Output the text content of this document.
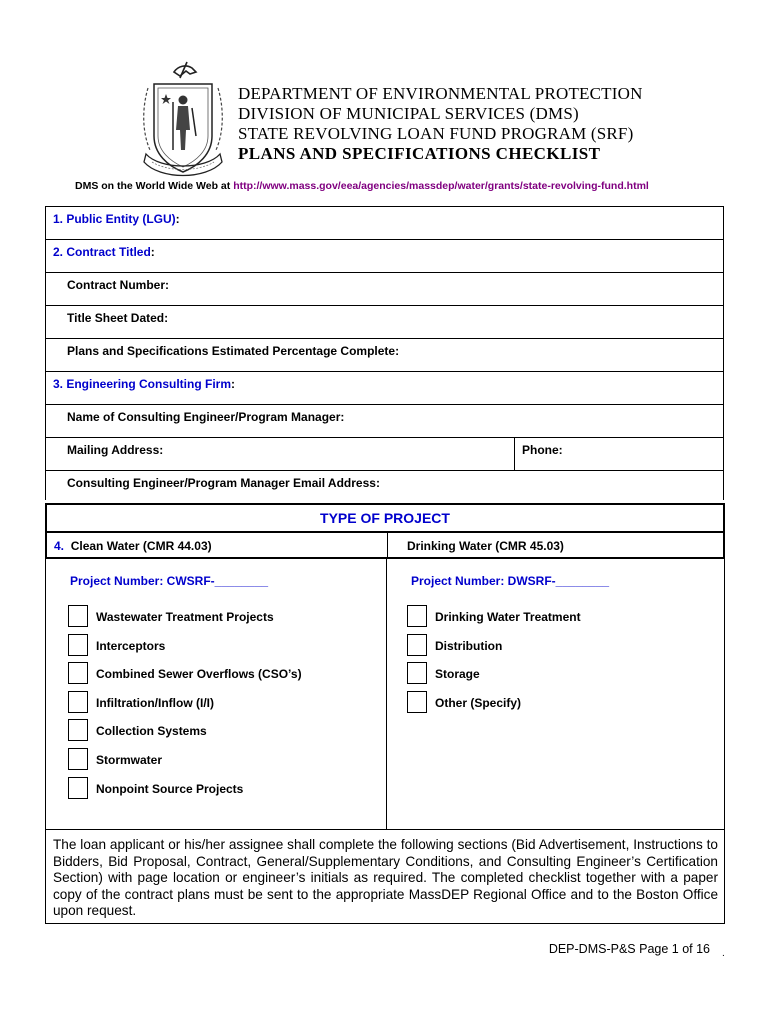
DEPARTMENT OF ENVIRONMENTAL PROTECTION
DIVISION OF MUNICIPAL SERVICES (DMS)
STATE REVOLVING LOAN FUND PROGRAM (SRF)
PLANS AND SPECIFICATIONS CHECKLIST
DMS on the World Wide Web at http://www.mass.gov/eea/agencies/massdep/water/grants/state-revolving-fund.html
1. Public Entity (LGU):
2. Contract Titled:
Contract Number:
Title Sheet Dated:
Plans and Specifications Estimated Percentage Complete:
3. Engineering Consulting Firm:
Name of Consulting Engineer/Program Manager:
Mailing Address:	Phone:
Consulting Engineer/Program Manager Email Address:
TYPE OF PROJECT
4. Clean Water (CMR 44.03)	Drinking Water (CMR 45.03)
Project Number: CWSRF-________	Project Number: DWSRF-________
Wastewater Treatment Projects
Interceptors
Combined Sewer Overflows (CSO’s)
Infiltration/Inflow (I/I)
Collection Systems
Stormwater
Nonpoint Source Projects
Drinking Water Treatment
Distribution
Storage
Other (Specify)
The loan applicant or his/her assignee shall complete the following sections (Bid Advertisement, Instructions to Bidders, Bid Proposal, Contract, General/Supplementary Conditions, and Consulting Engineer’s Certification Section) with page location or engineer’s initials as required. The completed checklist together with a paper copy of the contract plans must be sent to the appropriate MassDEP Regional Office and to the Boston Office upon request.
DEP-DMS-P&S Page 1 of 16 .
